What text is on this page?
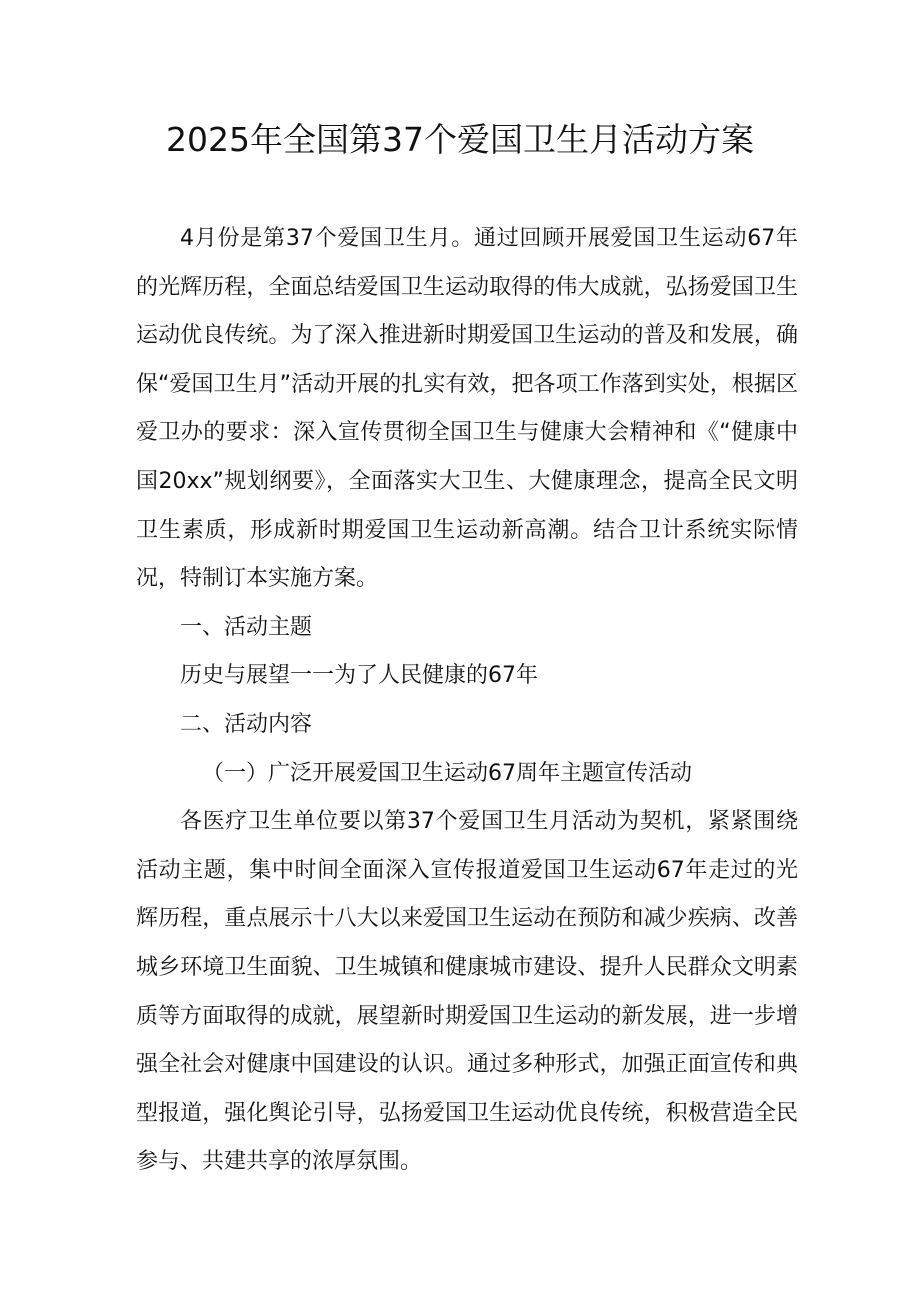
2025年全国第37个爱国卫生月活动方案

4月份是第37个爱国卫生月。通过回顾开展爱国卫生运动67年的光辉历程，全面总结爱国卫生运动取得的伟大成就，弘扬爱国卫生运动优良传统。为了深入推进新时期爱国卫生运动的普及和发展，确保“爱国卫生月”活动开展的扎实有效，把各项工作落到实处，根据区爱卫办的要求：深入宣传贯彻全国卫生与健康大会精神和《“健康中国20xx”规划纲要》，全面落实大卫生、大健康理念，提高全民文明卫生素质，形成新时期爱国卫生运动新高潮。结合卫计系统实际情况，特制订本实施方案。

一、活动主题

历史与展望一一为了人民健康的67年

二、活动内容

（一）广泛开展爱国卫生运动67周年主题宣传活动

各医疗卫生单位要以第37个爱国卫生月活动为契机，紧紧围绕活动主题，集中时间全面深入宣传报道爱国卫生运动67年走过的光辉历程，重点展示十八大以来爱国卫生运动在预防和减少疾病、改善城乡环境卫生面貌、卫生城镇和健康城市建设、提升人民群众文明素质等方面取得的成就，展望新时期爱国卫生运动的新发展，进一步增强全社会对健康中国建设的认识。通过多种形式，加强正面宣传和典型报道，强化舆论引导，弘扬爱国卫生运动优良传统，积极营造全民参与、共建共享的浓厚氛围。
